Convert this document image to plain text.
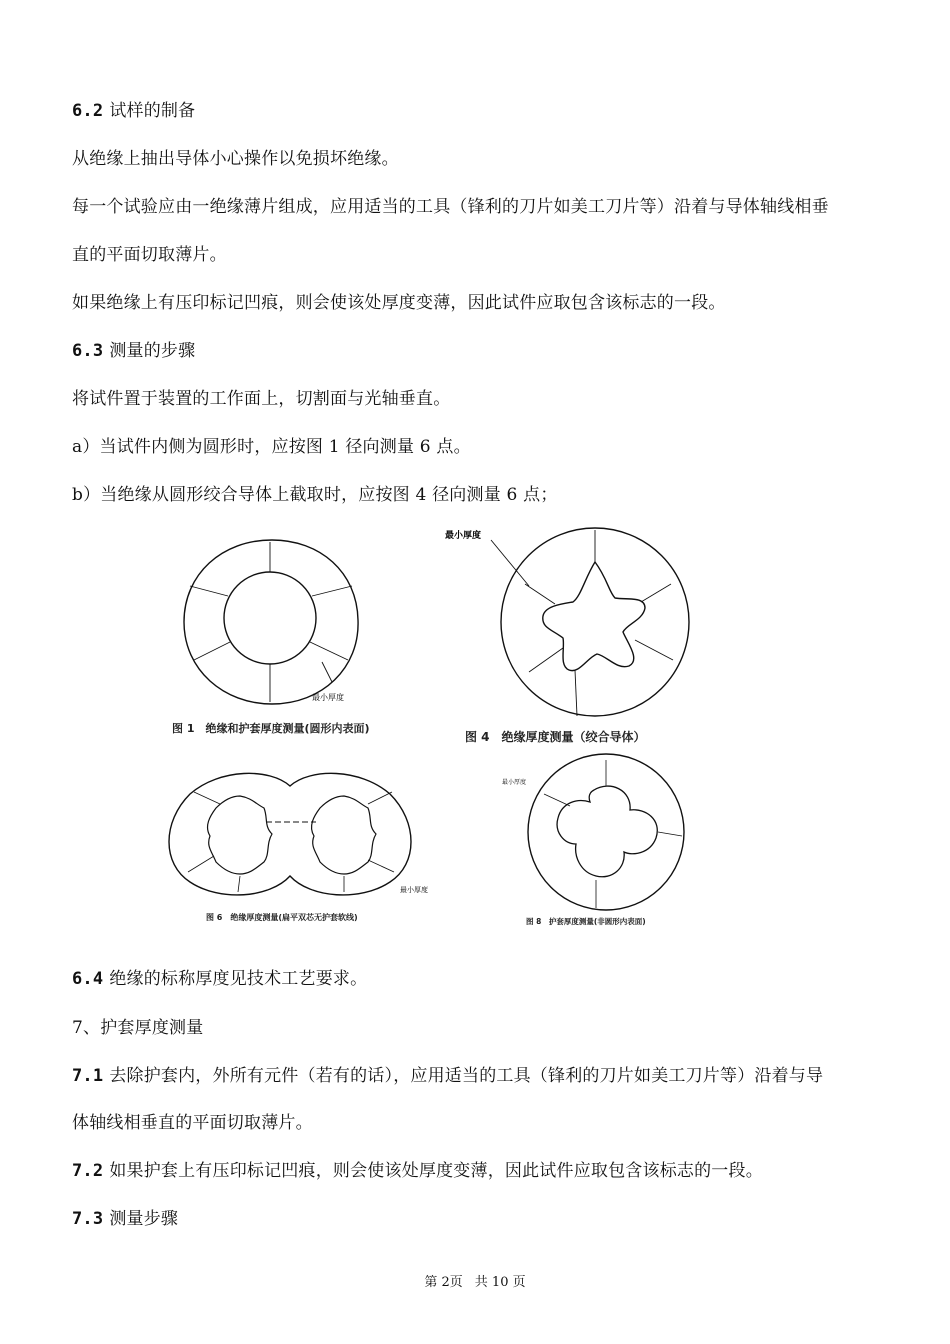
6.2 试样的制备
从绝缘上抽出导体小心操作以免损坏绝缘。
每一个试验应由一绝缘薄片组成，应用适当的工具（锋利的刀片如美工刀片等）沿着与导体轴线相垂
直的平面切取薄片。
如果绝缘上有压印标记凹痕，则会使该处厚度变薄，因此试件应取包含该标志的一段。
6.3 测量的步骤
将试件置于装置的工作面上，切割面与光轴垂直。
a）当试件内侧为圆形时，应按图 1 径向测量 6 点。
b）当绝缘从圆形绞合导体上截取时，应按图 4 径向测量 6 点；
最小厚度
图 1　绝缘和护套厚度测量(圆形内表面)
最小厚度
图 4　绝缘厚度测量（绞合导体）
最小厚度
图 6　绝缘厚度测量(扁平双芯无护套软线)
最小厚度
图 8　护套厚度测量(非圆形内表面)
6.4 绝缘的标称厚度见技术工艺要求。
7、护套厚度测量
7.1 去除护套内，外所有元件（若有的话），应用适当的工具（锋利的刀片如美工刀片等）沿着与导
体轴线相垂直的平面切取薄片。
7.2 如果护套上有压印标记凹痕，则会使该处厚度变薄，因此试件应取包含该标志的一段。
7.3 测量步骤
第 2页 共 10 页
